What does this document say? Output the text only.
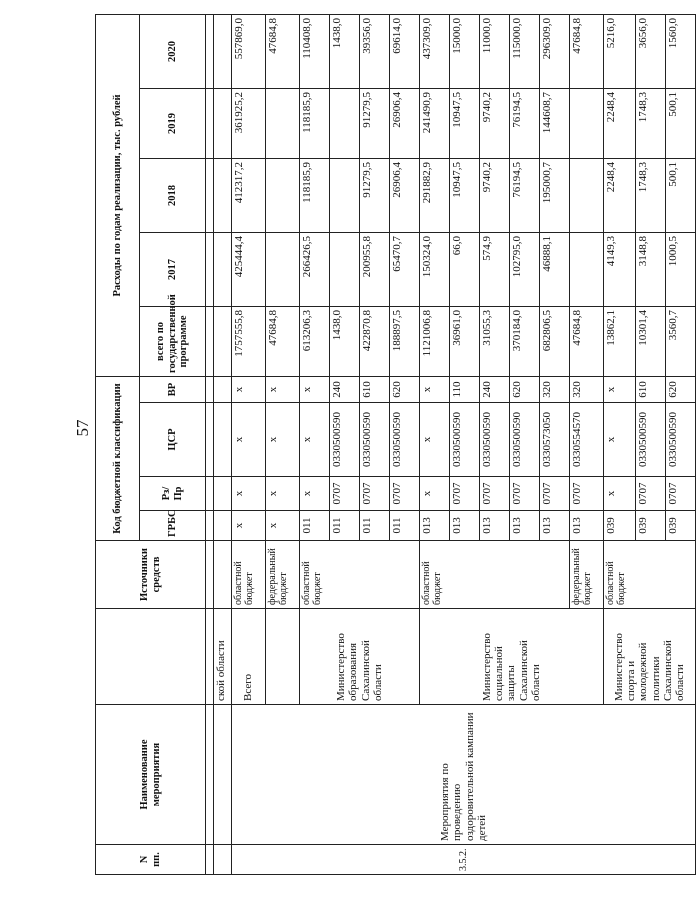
57
N пп.	Наименование мероприятия		Источники средств	Код бюджетной классификации				Расходы по годам реализации, тыс. рублей				
				ГРБС	Рз/ Пр	ЦСР	ВР	всего по государственной программе	2017	2018	2019	2020

		ской области										
3.5.2.	Мероприятия по проведению оздоровительной кампании детей	Всего	областной бюджет	х	х	х	х	1757555,8	425444,4	412317,2	361925,2	557869,0
			федеральный бюджет	х	х	х	х	47684,8				47684,8
		Министерство образования Сахалинской области	областной бюджет	011	х	х	х	613206,3	266426,5	118185,9	118185,9	110408,0
				011	0707	0330500590	240	1438,0				1438,0
				011	0707	0330500590	610	422870,8	200955,8	91279,5	91279,5	39356,0
				011	0707	0330500590	620	188897,5	65470,7	26906,4	26906,4	69614,0
		Министерство социальной защиты Сахалинской области	областной бюджет	013	х	х	х	1121006,8	150324,0	291882,9	241490,9	437309,0
				013	0707	0330500590	110	36961,0	66,0	10947,5	10947,5	15000,0
				013	0707	0330500590	240	31055,3	574,9	9740,2	9740,2	11000,0
				013	0707	0330500590	620	370184,0	102795,0	76194,5	76194,5	115000,0
				013	0707	0330573050	320	682806,5	46888,1	195000,7	144608,7	296309,0
			федеральный бюджет	013	0707	0330554570	320	47684,8				47684,8
		Министерство спорта и молодежной политики Сахалинской области	областной бюджет	039	х	х	х	13862,1	4149,3	2248,4	2248,4	5216,0
				039	0707	0330500590	610	10301,4	3148,8	1748,3	1748,3	3656,0
				039	0707	0330500590	620	3560,7	1000,5	500,1	500,1	1560,0
